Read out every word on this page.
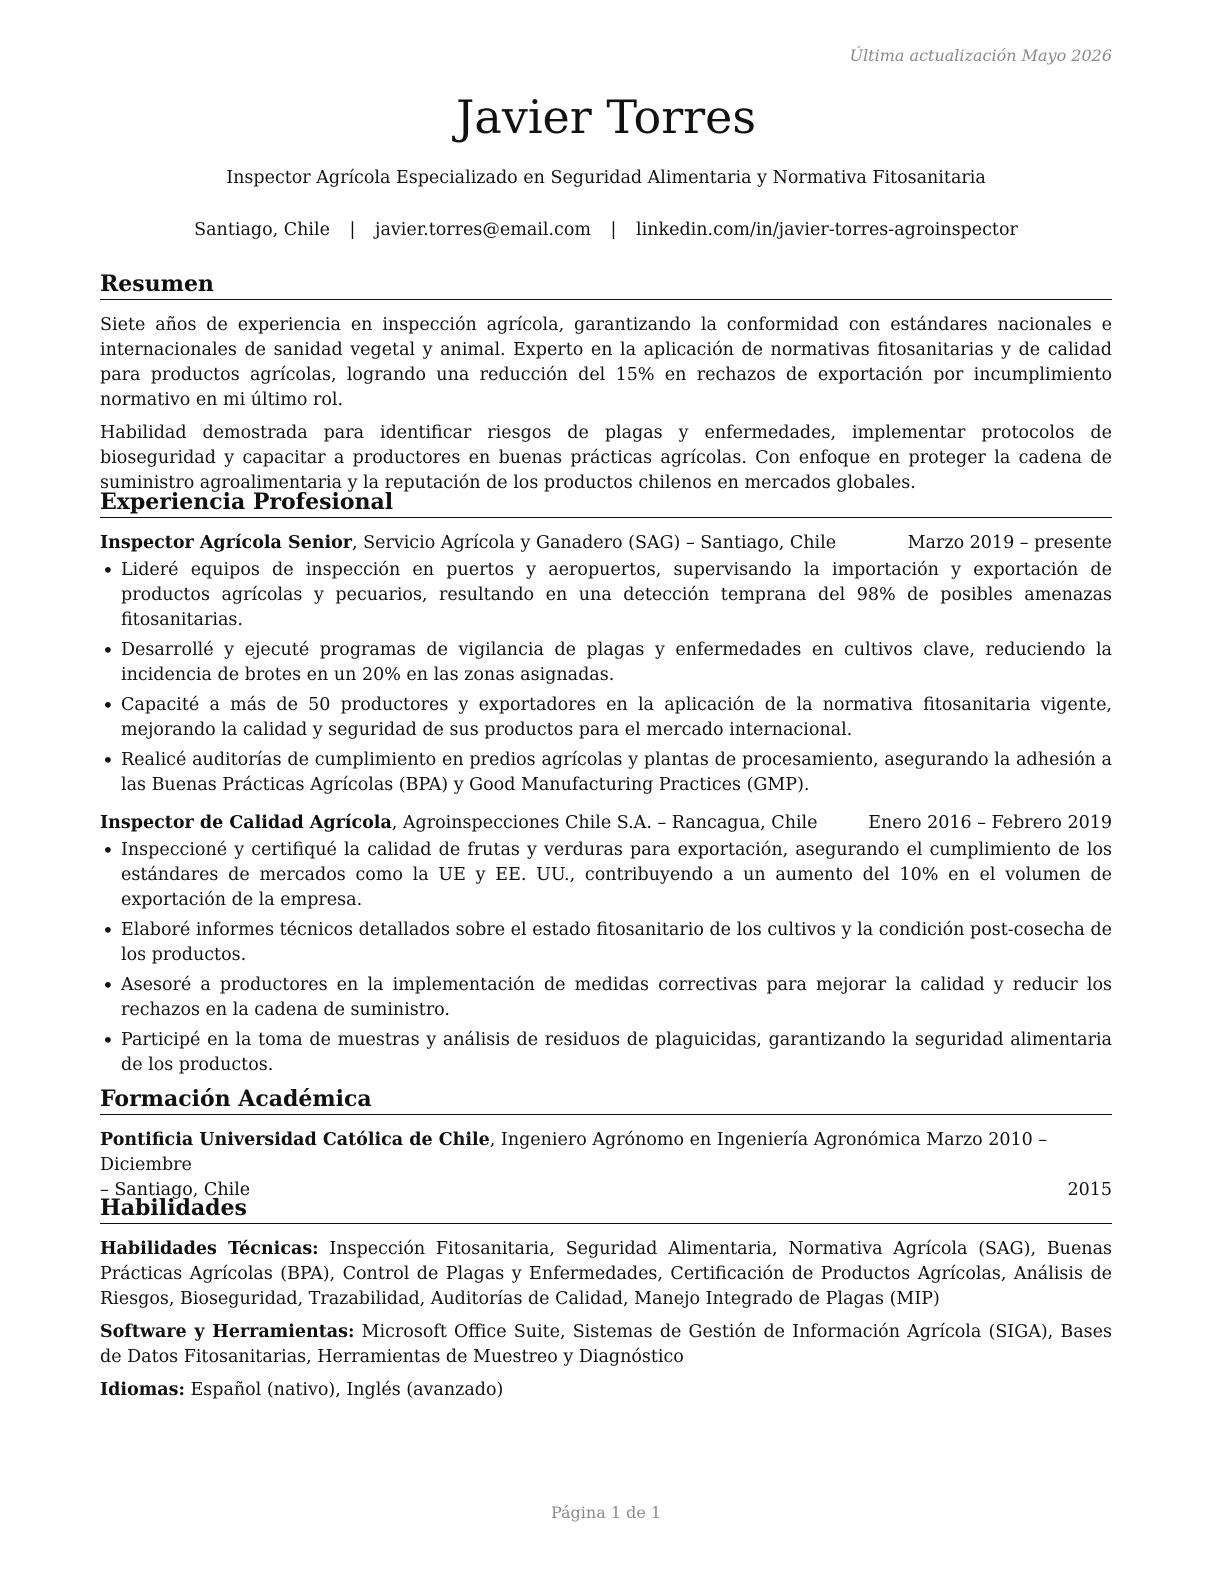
Última actualización Mayo 2026
Javier Torres
Inspector Agrícola Especializado en Seguridad Alimentaria y Normativa Fitosanitaria
Santiago, Chile | javier.torres@email.com | linkedin.com/in/javier-torres-agroinspector
Resumen

Siete años de experiencia en inspección agrícola, garantizando la conformidad con estándares nacionales e internacionales de sanidad vegetal y animal. Experto en la aplicación de normativas fitosanitarias y de calidad para productos agrícolas, logrando una reducción del 15% en rechazos de exportación por incumplimiento normativo en mi último rol.

Habilidad demostrada para identificar riesgos de plagas y enfermedades, implementar protocolos de bioseguridad y capacitar a productores en buenas prácticas agrícolas. Con enfoque en proteger la cadena de suministro agroalimentaria y la reputación de los productos chilenos en mercados globales.

Experiencia Profesional
Inspector Agrícola Senior, Servicio Agrícola y Ganadero (SAG) – Santiago, Chile	Marzo 2019 – presente
• Lideré equipos de inspección en puertos y aeropuertos, supervisando la importación y exportación de productos agrícolas y pecuarios, resultando en una detección temprana del 98% de posibles amenazas fitosanitarias.
• Desarrollé y ejecuté programas de vigilancia de plagas y enfermedades en cultivos clave, reduciendo la incidencia de brotes en un 20% en las zonas asignadas.
• Capacité a más de 50 productores y exportadores en la aplicación de la normativa fitosanitaria vigente, mejorando la calidad y seguridad de sus productos para el mercado internacional.
• Realicé auditorías de cumplimiento en predios agrícolas y plantas de procesamiento, asegurando la adhesión a las Buenas Prácticas Agrícolas (BPA) y Good Manufacturing Practices (GMP).
Inspector de Calidad Agrícola, Agroinspecciones Chile S.A. – Rancagua, Chile	Enero 2016 – Febrero 2019
• Inspeccioné y certifiqué la calidad de frutas y verduras para exportación, asegurando el cumplimiento de los estándares de mercados como la UE y EE. UU., contribuyendo a un aumento del 10% en el volumen de exportación de la empresa.
• Elaboré informes técnicos detallados sobre el estado fitosanitario de los cultivos y la condición post-cosecha de los productos.
• Asesoré a productores en la implementación de medidas correctivas para mejorar la calidad y reducir los rechazos en la cadena de suministro.
• Participé en la toma de muestras y análisis de residuos de plaguicidas, garantizando la seguridad alimentaria de los productos.
Formación Académica
Pontificia Universidad Católica de Chile, Ingeniero Agrónomo en Ingeniería Agronómica Marzo 2010 – Diciembre
– Santiago, Chile	2015
Habilidades

Habilidades Técnicas: Inspección Fitosanitaria, Seguridad Alimentaria, Normativa Agrícola (SAG), Buenas Prácticas Agrícolas (BPA), Control de Plagas y Enfermedades, Certificación de Productos Agrícolas, Análisis de Riesgos, Bioseguridad, Trazabilidad, Auditorías de Calidad, Manejo Integrado de Plagas (MIP)

Software y Herramientas: Microsoft Office Suite, Sistemas de Gestión de Información Agrícola (SIGA), Bases de Datos Fitosanitarias, Herramientas de Muestreo y Diagnóstico

Idiomas: Español (nativo), Inglés (avanzado)

Página 1 de 1
